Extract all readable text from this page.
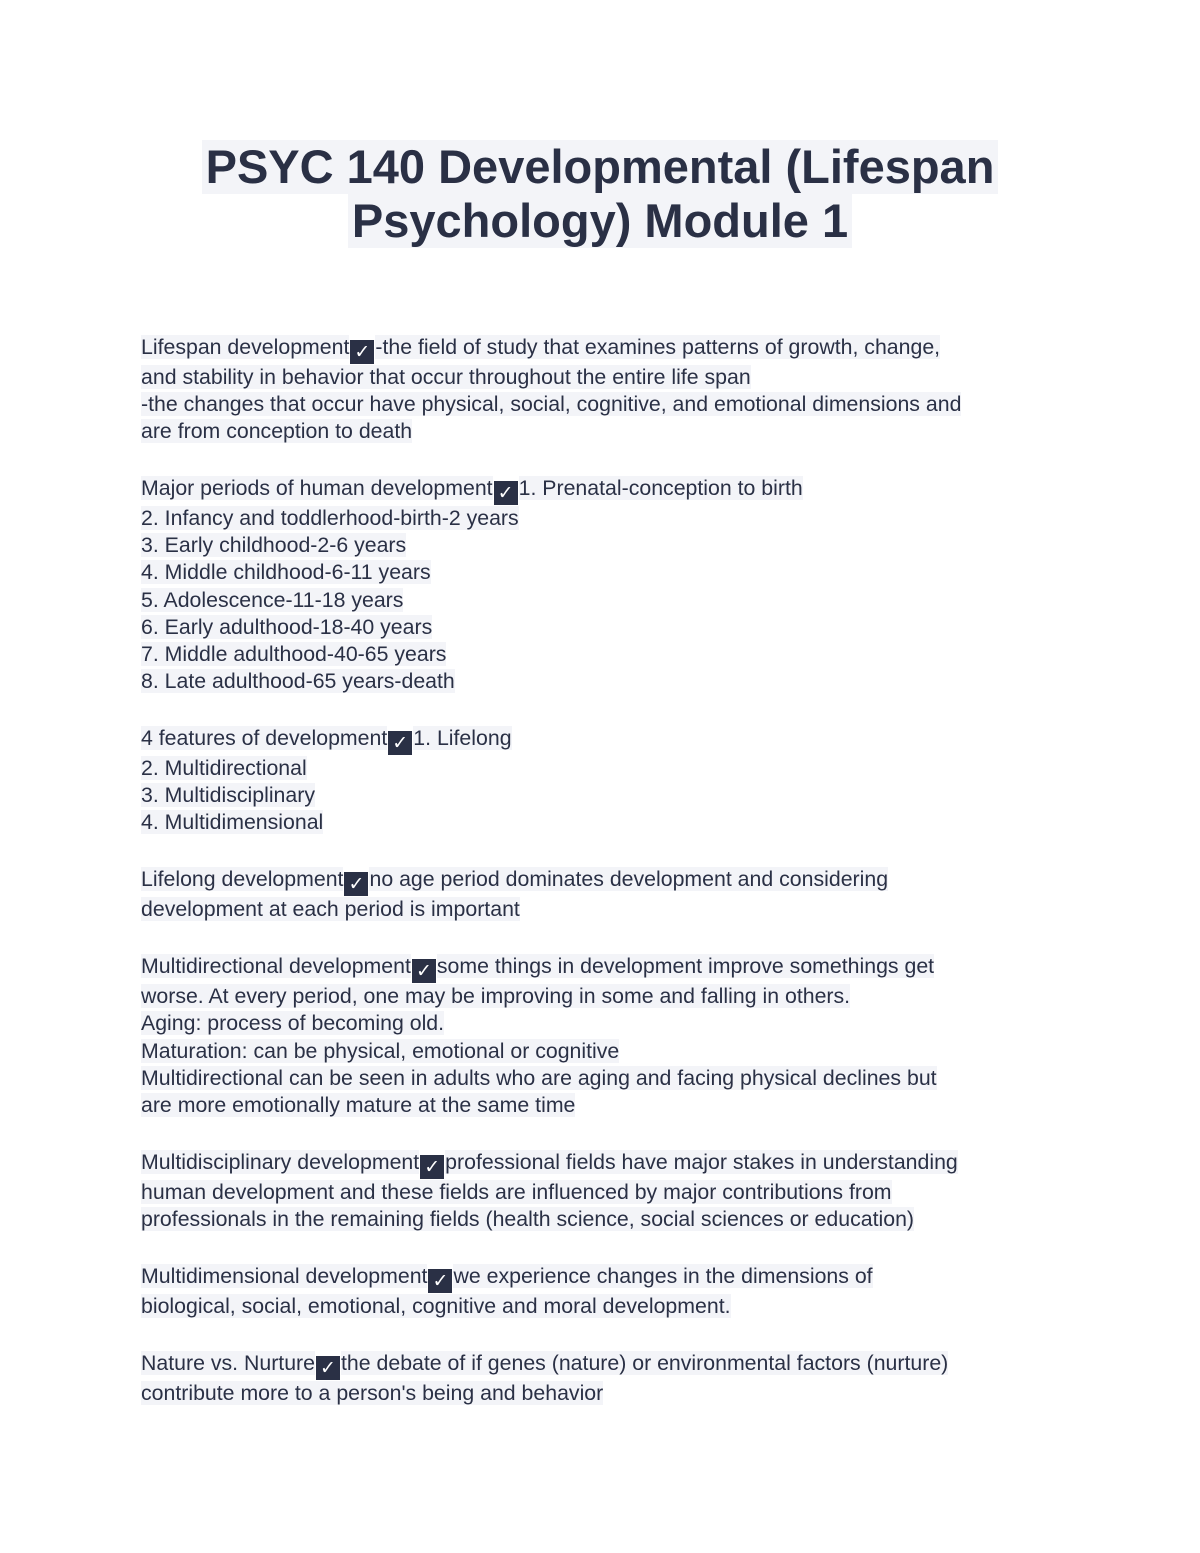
PSYC 140 Developmental (Lifespan
Psychology) Module 1
Lifespan development ✓ -the field of study that examines patterns of growth, change,
and stability in behavior that occur throughout the entire life span
-the changes that occur have physical, social, cognitive, and emotional dimensions and
are from conception to death
Major periods of human development ✓ 1. Prenatal-conception to birth
2. Infancy and toddlerhood-birth-2 years
3. Early childhood-2-6 years
4. Middle childhood-6-11 years
5. Adolescence-11-18 years
6. Early adulthood-18-40 years
7. Middle adulthood-40-65 years
8. Late adulthood-65 years-death
4 features of development ✓ 1. Lifelong
2. Multidirectional
3. Multidisciplinary
4. Multidimensional
Lifelong development ✓ no age period dominates development and considering
development at each period is important
Multidirectional development ✓ some things in development improve somethings get
worse. At every period, one may be improving in some and falling in others.
Aging: process of becoming old.
Maturation: can be physical, emotional or cognitive
Multidirectional can be seen in adults who are aging and facing physical declines but
are more emotionally mature at the same time
Multidisciplinary development ✓ professional fields have major stakes in understanding
human development and these fields are influenced by major contributions from
professionals in the remaining fields (health science, social sciences or education)
Multidimensional development ✓ we experience changes in the dimensions of
biological, social, emotional, cognitive and moral development.
Nature vs. Nurture ✓ the debate of if genes (nature) or environmental factors (nurture)
contribute more to a person's being and behavior
